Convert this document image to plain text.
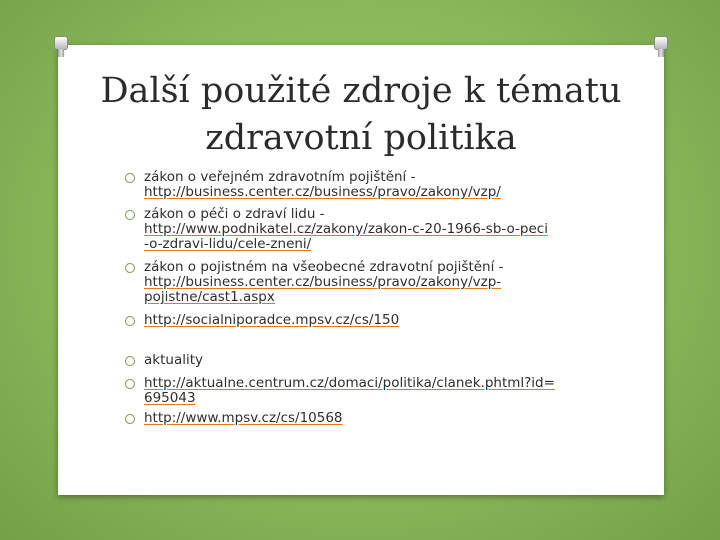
Další použité zdroje k tématu
zdravotní politika
zákon o veřejném zdravotním pojištění -
http://business.center.cz/business/pravo/zakony/vzp/
zákon o péči o zdraví lidu -
http://www.podnikatel.cz/zakony/zakon-c-20-1966-sb-o-peci
-o-zdravi-lidu/cele-zneni/
zákon o pojistném na všeobecné zdravotní pojištění -
http://business.center.cz/business/pravo/zakony/vzp-
pojistne/cast1.aspx
http://socialniporadce.mpsv.cz/cs/150
aktuality
http://aktualne.centrum.cz/domaci/politika/clanek.phtml?id=
695043
http://www.mpsv.cz/cs/10568
